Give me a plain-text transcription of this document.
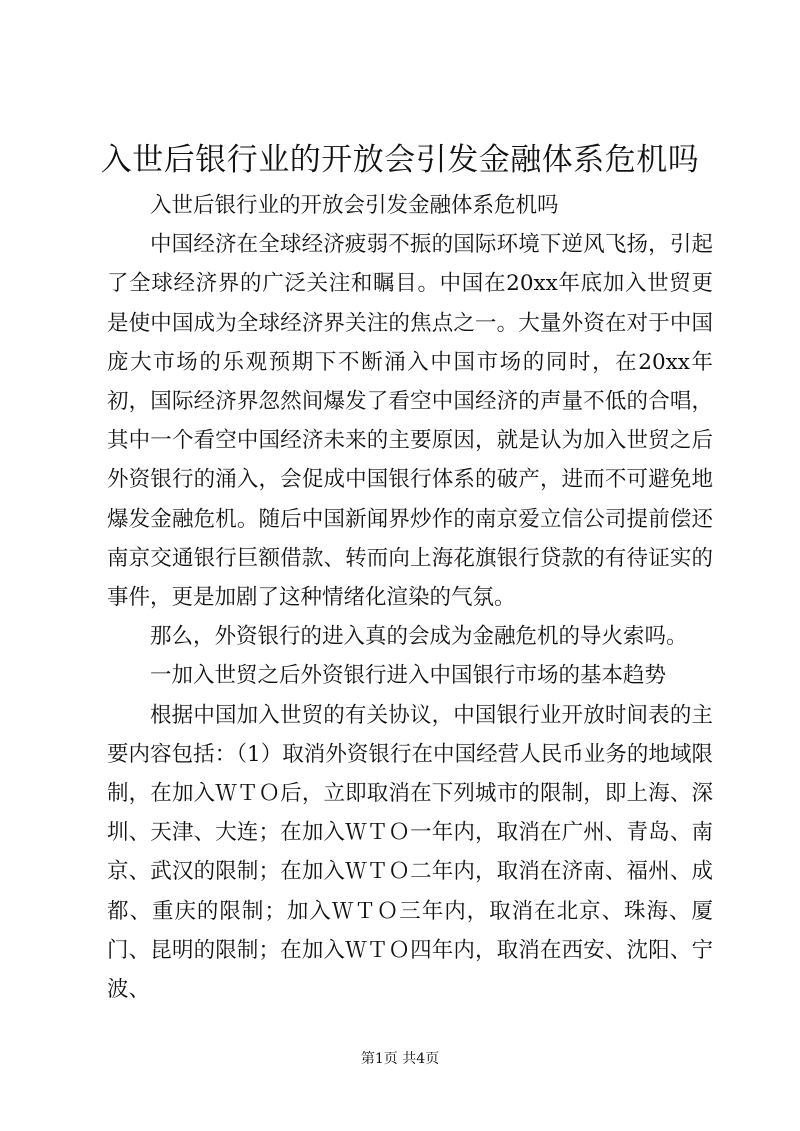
入世后银行业的开放会引发金融体系危机吗

入世后银行业的开放会引发金融体系危机吗

中国经济在全球经济疲弱不振的国际环境下逆风飞扬，引起了全球经济界的广泛关注和瞩目。中国在20xx年底加入世贸更是使中国成为全球经济界关注的焦点之一。大量外资在对于中国庞大市场的乐观预期下不断涌入中国市场的同时，在20xx年初，国际经济界忽然间爆发了看空中国经济的声量不低的合唱，其中一个看空中国经济未来的主要原因，就是认为加入世贸之后外资银行的涌入，会促成中国银行体系的破产，进而不可避免地爆发金融危机。随后中国新闻界炒作的南京爱立信公司提前偿还南京交通银行巨额借款、转而向上海花旗银行贷款的有待证实的事件，更是加剧了这种情绪化渲染的气氛。

那么，外资银行的进入真的会成为金融危机的导火索吗。

一加入世贸之后外资银行进入中国银行市场的基本趋势

根据中国加入世贸的有关协议，中国银行业开放时间表的主要内容包括：（1）取消外资银行在中国经营人民币业务的地域限制，在加入ＷＴＯ后，立即取消在下列城市的限制，即上海、深圳、天津、大连；在加入ＷＴＯ一年内，取消在广州、青岛、南京、武汉的限制；在加入ＷＴＯ二年内，取消在济南、福州、成都、重庆的限制；加入ＷＴＯ三年内，取消在北京、珠海、厦门、昆明的限制；在加入ＷＴＯ四年内，取消在西安、沈阳、宁波、

第1页 共4页
